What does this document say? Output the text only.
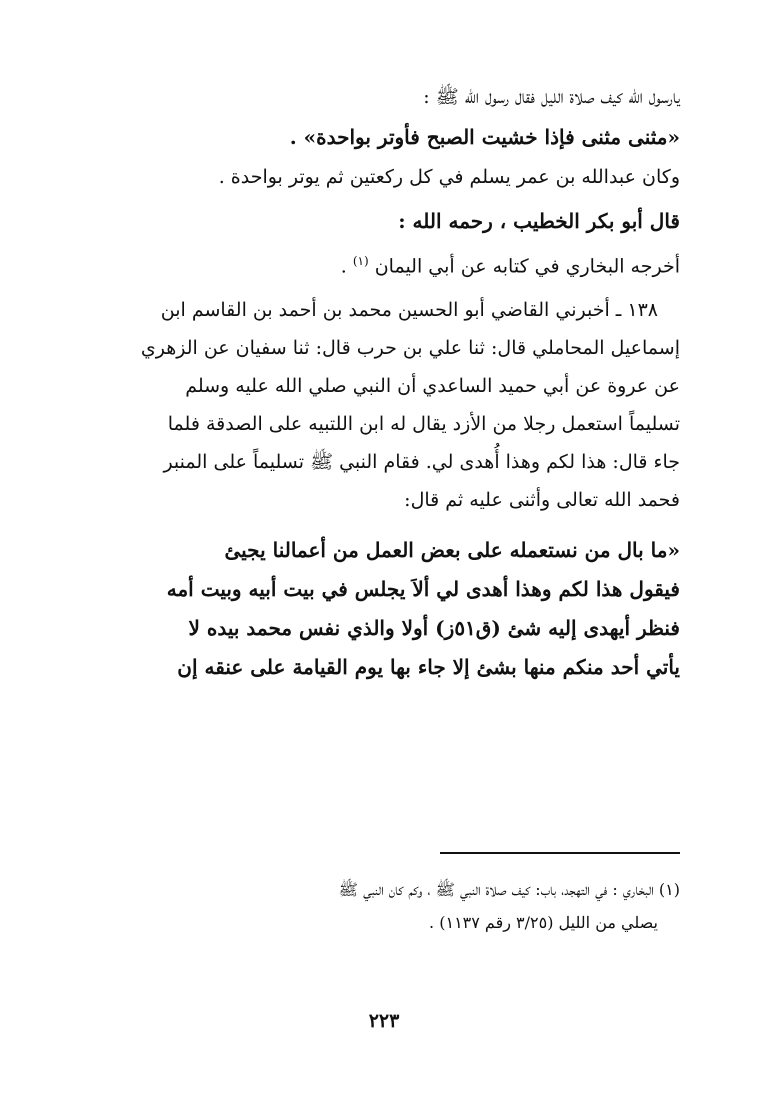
يارسول الله كيف صلاة الليل فقال رسول الله ﷺ :

«مثنى مثنى فإذا خشيت الصبح فأوتر بواحدة» .

وكان عبدالله بن عمر يسلم في كل ركعتين ثم يوتر بواحدة .

قال أبو بكر الخطيب ، رحمه الله :

أخرجه البخاري في كتابه عن أبي اليمان $^{(١)}$ .

١٣٨ ـ أخبرني القاضي أبو الحسين محمد بن أحمد بن القاسم ابن

إسماعيل المحاملي قال: ثنا علي بن حرب قال: ثنا سفيان عن الزهري

عن عروة عن أبي حميد الساعدي أن النبي صلي الله عليه وسلم

تسليماً استعمل رجلا من الأزد يقال له ابن اللتبيه على الصدقة فلما

جاء قال: هذا لكم وهذا أُهدى لي. فقام النبي ﷺ تسليماً على المنبر

فحمد الله تعالى وأثنى عليه ثم قال:

«ما بال من نستعمله على بعض العمل من أعمالنا يجيئ

فيقول هذا لكم وهذا أهدى لي ألاَ يجلس في بيت أبيه وبيت أمه

فنظر أيهدى إليه شئ (ق٥١ز) أولا والذي نفس محمد بيده لا

يأتي أحد منكم منها بشئ إلا جاء بها يوم القيامة على عنقه إن

(١) البخاري : في التهجد، باب: كيف صلاة النبي ﷺ ، وكم كان النبي ﷺ

يصلي من الليل (٣/٢٥ رقم ١١٣٧) .

٢٢٣
